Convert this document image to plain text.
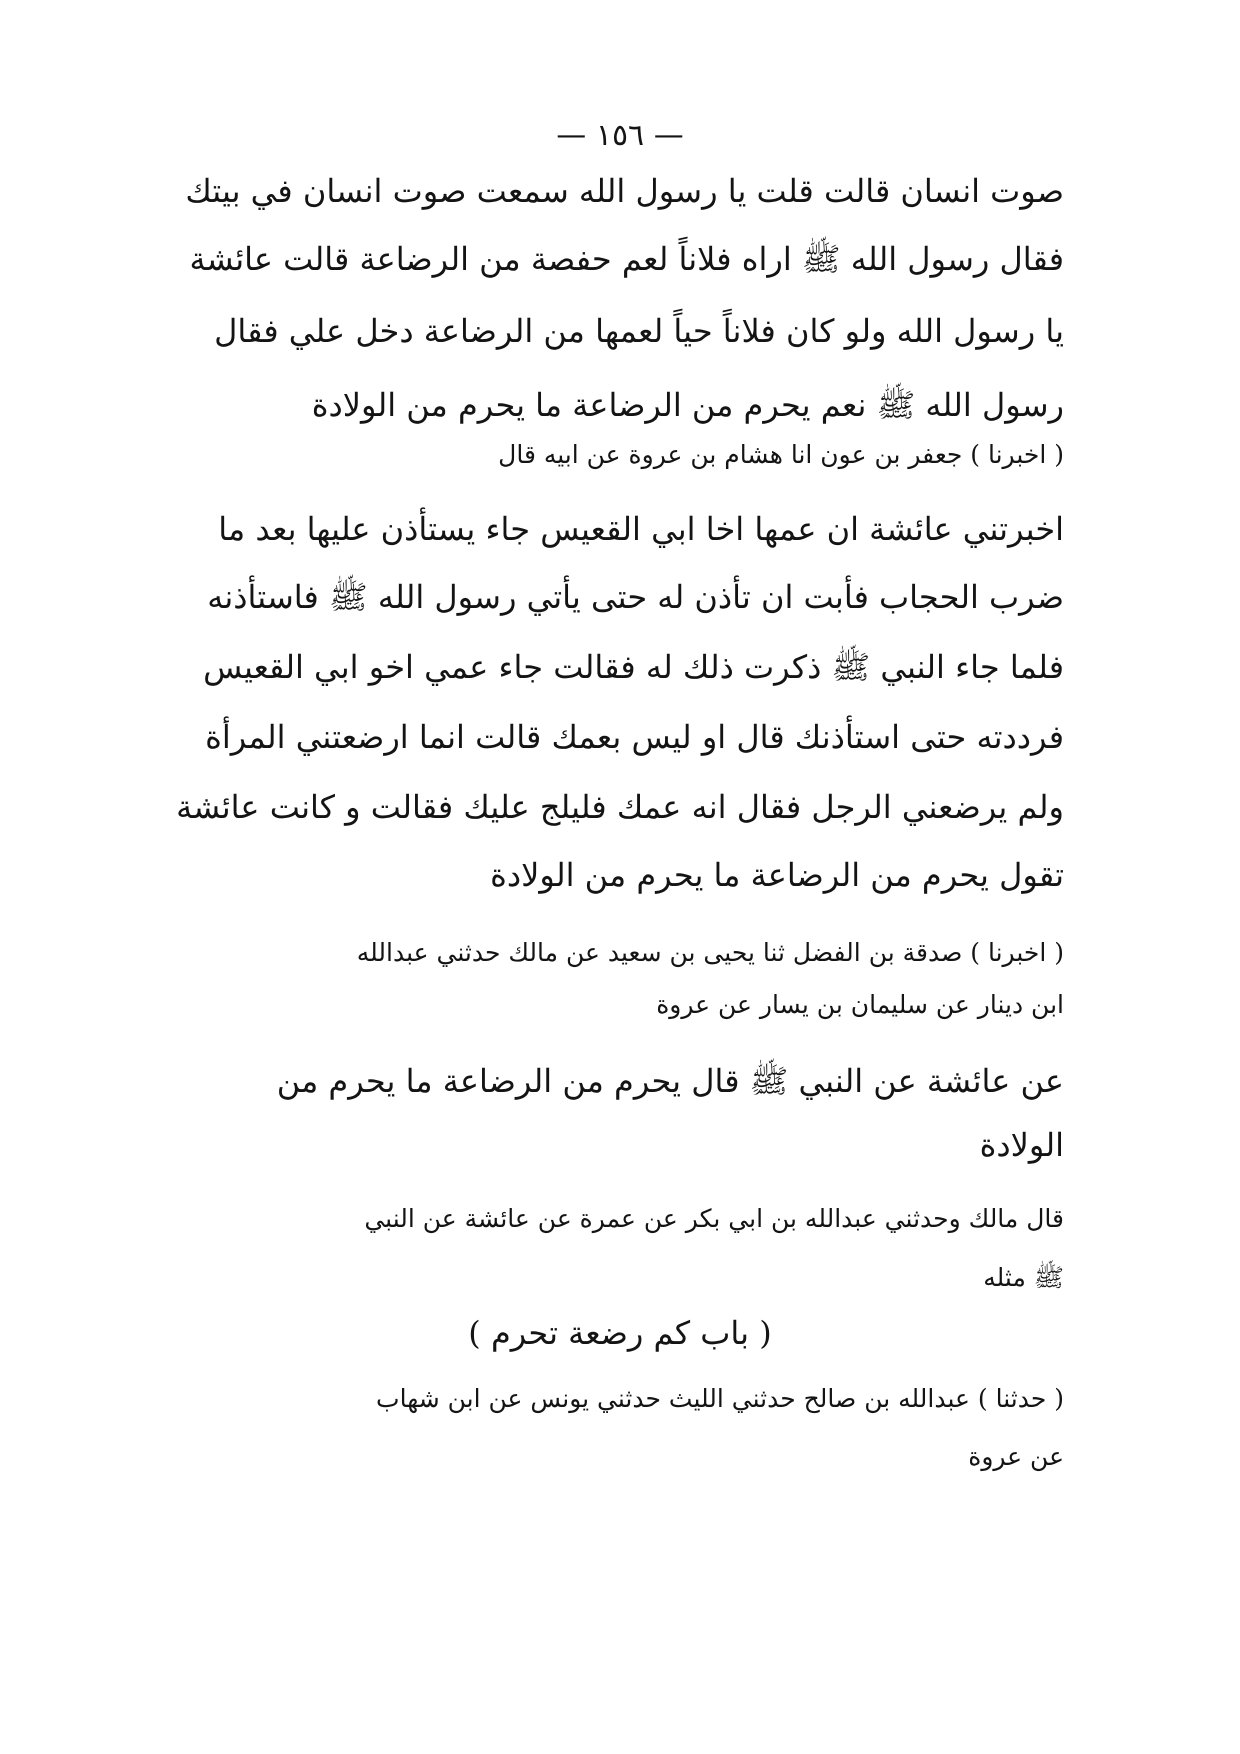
— ١٥٦ —
صوت انسان قالت قلت يا رسول الله سمعت صوت انسان في بيتك
فقال رسول الله ﷺ اراه فلاناً لعم حفصة من الرضاعة قالت عائشة
يا رسول الله ولو كان فلاناً حياً لعمها من الرضاعة دخل علي فقال
رسول الله ﷺ نعم يحرم من الرضاعة ما يحرم من الولادة
( اخبرنا ) جعفر بن عون انا هشام بن عروة عن ابيه قال
اخبرتني عائشة ان عمها اخا ابي القعيس جاء يستأذن عليها بعد ما
ضرب الحجاب فأبت ان تأذن له حتى يأتي رسول الله ﷺ فاستأذنه
فلما جاء النبي ﷺ ذكرت ذلك له فقالت جاء عمي اخو ابي القعيس
فرددته حتى استأذنك قال او ليس بعمك قالت انما ارضعتني المرأة
ولم يرضعني الرجل فقال انه عمك فليلج عليك فقالت و كانت عائشة
تقول يحرم من الرضاعة ما يحرم من الولادة
( اخبرنا ) صدقة بن الفضل ثنا يحيى بن سعيد عن مالك حدثني عبدالله
ابن دينار عن سليمان بن يسار عن عروة
عن عائشة عن النبي ﷺ قال يحرم من الرضاعة ما يحرم من
الولادة
قال مالك وحدثني عبدالله بن ابي بكر عن عمرة عن عائشة عن النبي
ﷺ مثله
( باب كم رضعة تحرم )
( حدثنا ) عبدالله بن صالح حدثني الليث حدثني يونس عن ابن شهاب
عن عروة
